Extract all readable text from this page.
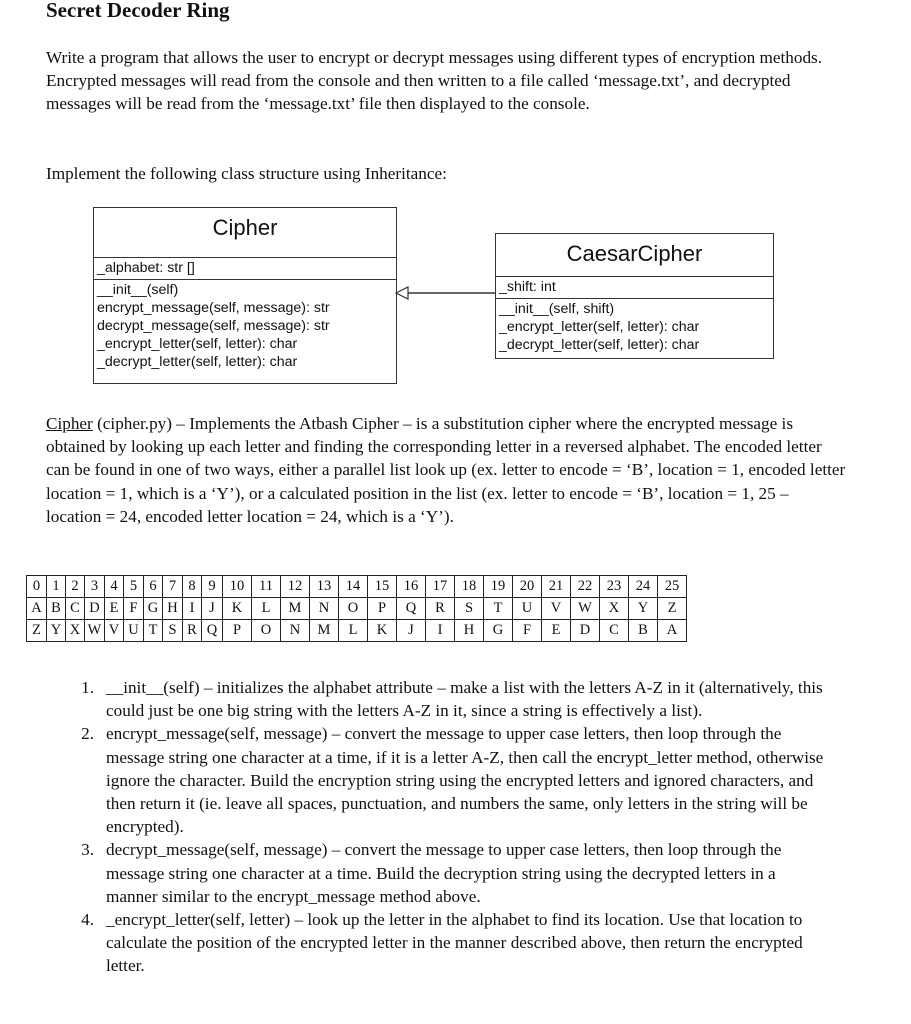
Secret Decoder Ring

Write a program that allows the user to encrypt or decrypt messages using different types of encryption methods. Encrypted messages will read from the console and then written to a file called ‘message.txt’, and decrypted messages will be read from the ‘message.txt’ file then displayed to the console.

Implement the following class structure using Inheritance:

Cipher
_alphabet: str []
__init__(self)
encrypt_message(self, message): str
decrypt_message(self, message): str
_encrypt_letter(self, letter): char
_decrypt_letter(self, letter): char
CaesarCipher
_shift: int
__init__(self, shift)
_encrypt_letter(self, letter): char
_decrypt_letter(self, letter): char

Cipher (cipher.py) – Implements the Atbash Cipher – is a substitution cipher where the encrypted message is obtained by looking up each letter and finding the corresponding letter in a reversed alphabet. The encoded letter can be found in one of two ways, either a parallel list look up (ex. letter to encode = ‘B’, location = 1, encoded letter location = 1, which is a ‘Y’), or a calculated position in the list (ex. letter to encode = ‘B’, location = 1, 25 – location = 24, encoded letter location = 24, which is a ‘Y’).

0	1	2	3	4	5	6	7	8	9	10	11	12	13	14	15	16	17	18	19	20	21	22	23	24	25
A	B	C	D	E	F	G	H	I	J	K	L	M	N	O	P	Q	R	S	T	U	V	W	X	Y	Z
Z	Y	X	W	V	U	T	S	R	Q	P	O	N	M	L	K	J	I	H	G	F	E	D	C	B	A
1. __init__(self) – initializes the alphabet attribute – make a list with the letters A-Z in it (alternatively, this could just be one big string with the letters A-Z in it, since a string is effectively a list).
2. encrypt_message(self, message) – convert the message to upper case letters, then loop through the message string one character at a time, if it is a letter A-Z, then call the encrypt_letter method, otherwise ignore the character. Build the encryption string using the encrypted letters and ignored characters, and then return it (ie. leave all spaces, punctuation, and numbers the same, only letters in the string will be encrypted).
3. decrypt_message(self, message) – convert the message to upper case letters, then loop through the message string one character at a time. Build the decryption string using the decrypted letters in a manner similar to the encrypt_message method above.
4. _encrypt_letter(self, letter) – look up the letter in the alphabet to find its location. Use that location to calculate the position of the encrypted letter in the manner described above, then return the encrypted letter.
